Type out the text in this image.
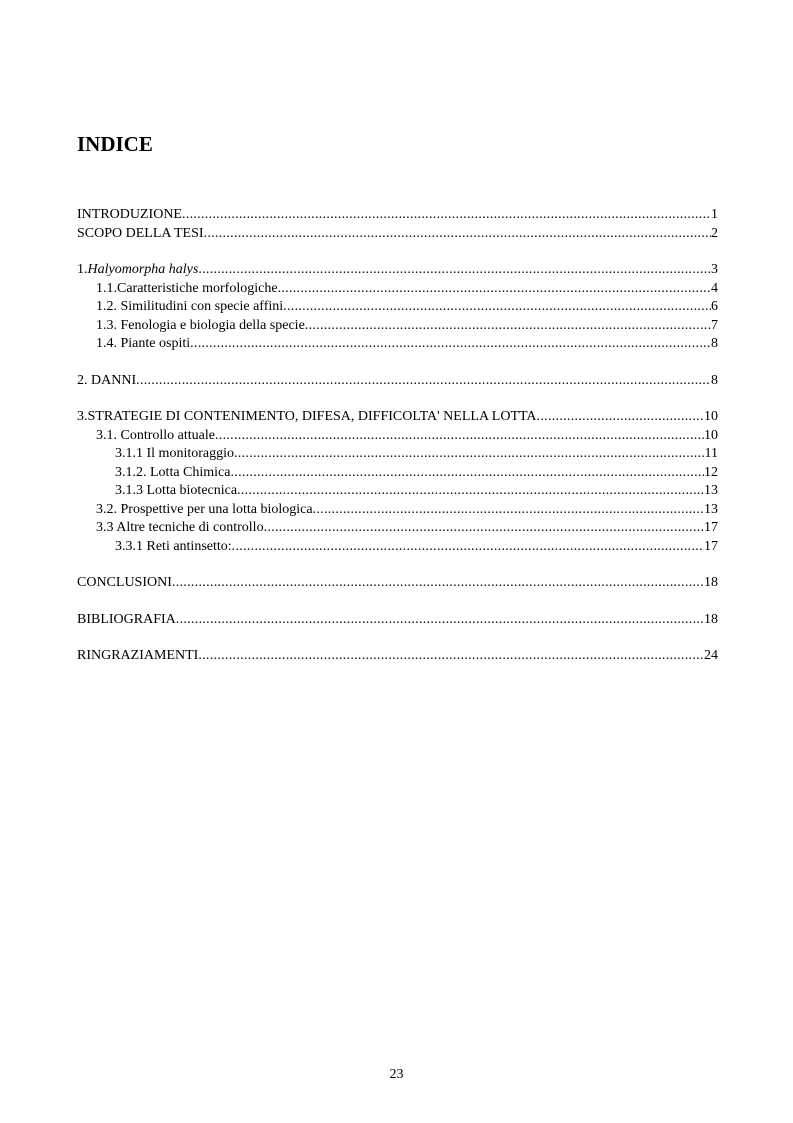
INDICE
INTRODUZIONE .....	1
SCOPO DELLA TESI .....	2
1.Halyomorpha halys .....	3
1.1.Caratteristiche morfologiche .....	4
1.2. Similitudini con specie affini .....	6
1.3. Fenologia e biologia della specie .....	7
1.4. Piante ospiti .....	8
2. DANNI .....	8
3.STRATEGIE DI CONTENIMENTO, DIFESA, DIFFICOLTA' NELLA LOTTA .....	10
3.1. Controllo attuale .....	10
3.1.1 Il monitoraggio .....	11
3.1.2. Lotta Chimica .....	12
3.1.3 Lotta biotecnica .....	13
3.2. Prospettive per una lotta biologica .....	13
3.3 Altre tecniche di controllo .....	17
3.3.1 Reti antinsetto: .....	17
CONCLUSIONI .....	18
BIBLIOGRAFIA .....	18
RINGRAZIAMENTI .....	24
23
